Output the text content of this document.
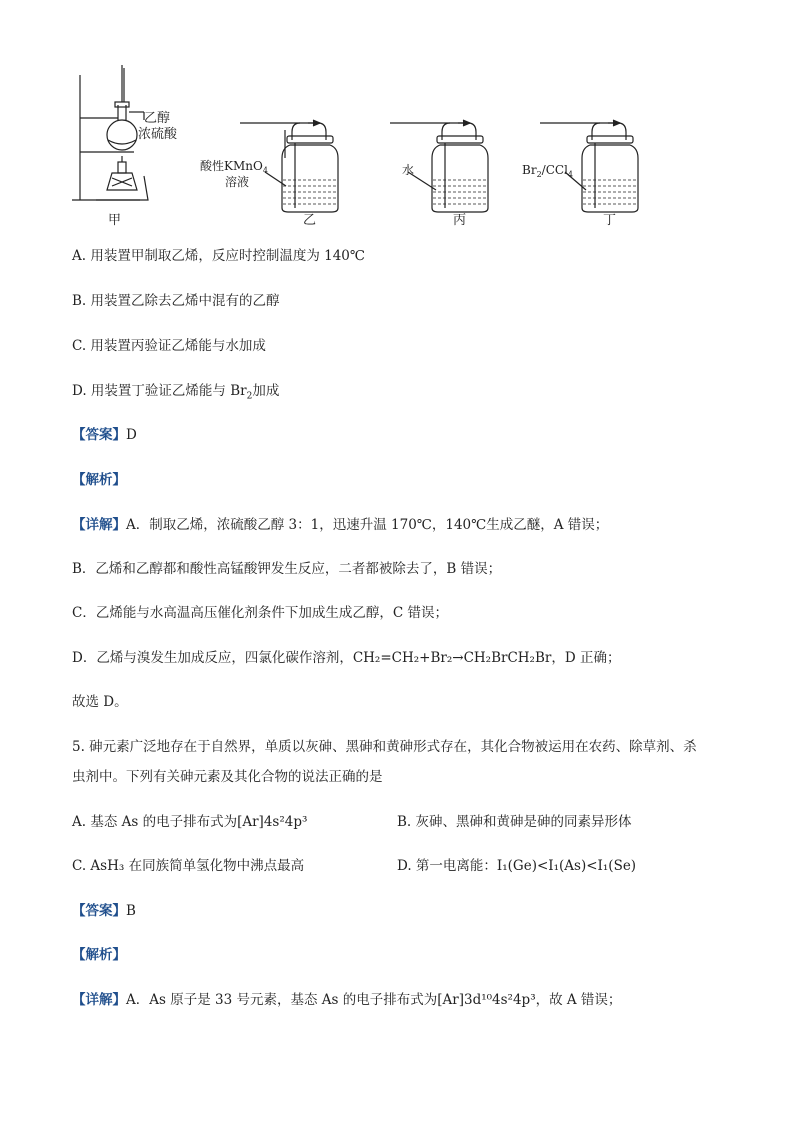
乙醇
浓硫酸
酸性KMnO$_4$
溶液
水	$Br_2/CCl_4$
甲	乙	丙	丁
A. 用装置甲制取乙烯，反应时控制温度为 140℃
B. 用装置乙除去乙烯中混有的乙醇
C. 用装置丙验证乙烯能与水加成
D. 用装置丁验证乙烯能与 $Br_2$加成
【答案】D
【解析】
【详解】A．制取乙烯，浓硫酸乙醇 3：1，迅速升温 170℃，140℃生成乙醚，A 错误；
B．乙烯和乙醇都和酸性高锰酸钾发生反应，二者都被除去了，B 错误；
C．乙烯能与水高温高压催化剂条件下加成生成乙醇，C 错误；
D．乙烯与溴发生加成反应，四氯化碳作溶剂，CH₂=CH₂+Br₂→CH₂BrCH₂Br，D 正确；
故选 D。
5. 砷元素广泛地存在于自然界，单质以灰砷、黑砷和黄砷形式存在，其化合物被运用在农药、除草剂、杀
虫剂中。下列有关砷元素及其化合物的说法正确的是
A. 基态 As 的电子排布式为[Ar]4s²4p³	B. 灰砷、黑砷和黄砷是砷的同素异形体
C. AsH₃ 在同族简单氢化物中沸点最高	D. 第一电离能：I₁(Ge)<I₁(As)<I₁(Se)
【答案】B
【解析】
【详解】A．As 原子是 33 号元素，基态 As 的电子排布式为[Ar]3d¹⁰4s²4p³，故 A 错误；
